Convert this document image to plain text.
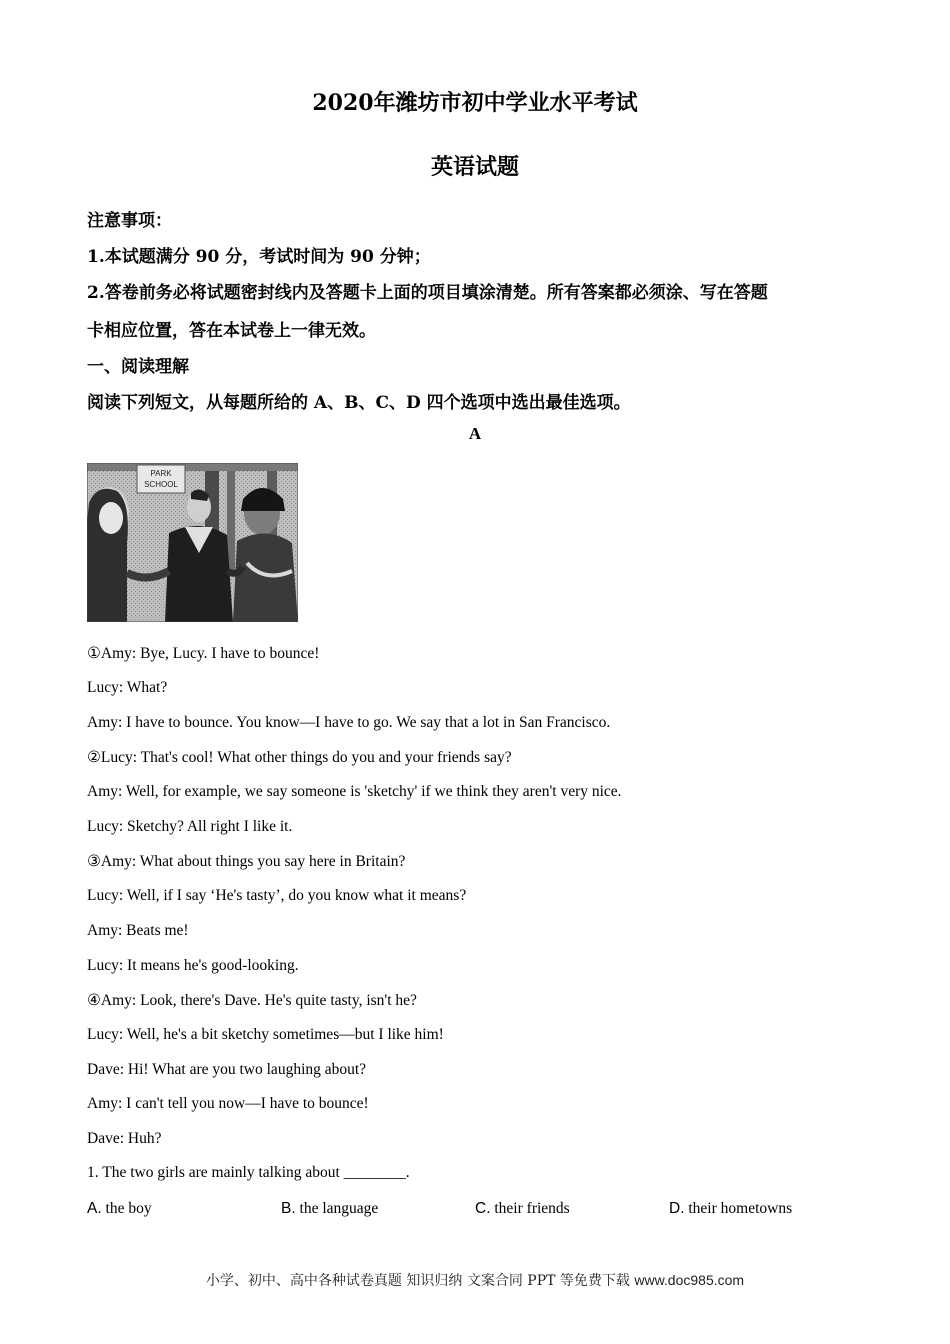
2020年潍坊市初中学业水平考试
英语试题
注意事项：
1.本试题满分 90 分，考试时间为 90 分钟；
2.答卷前务必将试题密封线内及答题卡上面的项目填涂清楚。所有答案都必须涂、写在答题
卡相应位置，答在本试卷上一律无效。
一、阅读理解
阅读下列短文，从每题所给的 A、B、C、D 四个选项中选出最佳选项。
A
PARK
SCHOOL
①Amy: Bye, Lucy. I have to bounce!
Lucy: What?
Amy: I have to bounce. You know—I have to go. We say that a lot in San Francisco.
②Lucy: That's cool! What other things do you and your friends say?
Amy: Well, for example, we say someone is 'sketchy' if we think they aren't very nice.
Lucy: Sketchy? All right I like it.
③Amy: What about things you say here in Britain?
Lucy: Well, if I say ‘He's tasty’, do you know what it means?
Amy: Beats me!
Lucy: It means he's good-looking.
④Amy: Look, there's Dave. He's quite tasty, isn't he?
Lucy: Well, he's a bit sketchy sometimes—but I like him!
Dave: Hi! What are you two laughing about?
Amy: I can't tell you now—I have to bounce!
Dave: Huh?
1. The two girls are mainly talking about ________.
A. the boy	B. the language	C. their friends	D. their hometowns
小学、初中、高中各种试卷真题 知识归纳 文案合同 PPT 等免费下载 www.doc985.com
